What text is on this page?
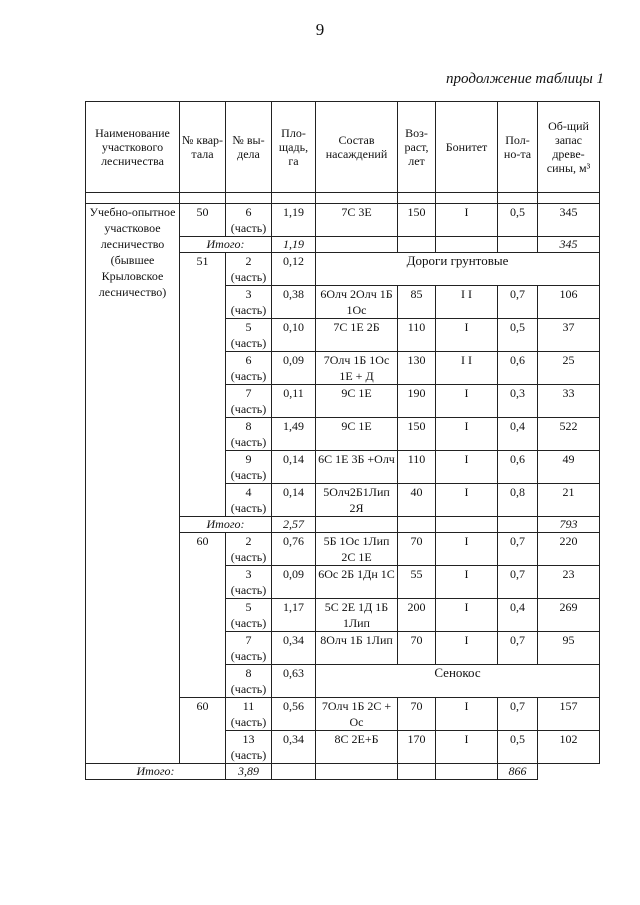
9
продолжение таблицы 1
Наименование участкового лесничества	№ квар-тала	№ вы-дела	Пло-щадь, га	Состав насаждений	Воз-раст, лет	Бонитет	Пол-но-та	Об-щий запас древе-сины, м³

Учебно-опытное участковое лесничество (бывшее Крыловское лесничество)	50	6 (часть)	1,19	7С 3Е	150	I	0,5	345
	Итого:		1,19					345
	51	2 (часть)	0,12	Дороги грунтовые				
		3 (часть)	0,38	6Олч 2Олч 1Б 1Ос	85	I I	0,7	106
		5 (часть)	0,10	7С 1Е 2Б	110	I	0,5	37
		6 (часть)	0,09	7Олч 1Б 1Ос 1Е + Д	130	I I	0,6	25
		7 (часть)	0,11	9С 1Е	190	I	0,3	33
		8 (часть)	1,49	9С 1Е	150	I	0,4	522
		9 (часть)	0,14	6С 1Е 3Б +Олч	110	I	0,6	49
		4 (часть)	0,14	5Олч2Б1Лип 2Я	40	I	0,8	21
	Итого:		2,57					793
	60	2 (часть)	0,76	5Б 1Ос 1Лип 2С 1Е	70	I	0,7	220
		3 (часть)	0,09	6Ос 2Б 1Дн 1С	55	I	0,7	23
		5 (часть)	1,17	5С 2Е 1Д 1Б 1Лип	200	I	0,4	269
		7 (часть)	0,34	8Олч 1Б 1Лип	70	I	0,7	95
		8 (часть)	0,63	Сенокос				
	60	11 (часть)	0,56	7Олч 1Б 2С + Ос	70	I	0,7	157
		13 (часть)	0,34	8С 2Е+Б	170	I	0,5	102
Итого:		3,89					866	
